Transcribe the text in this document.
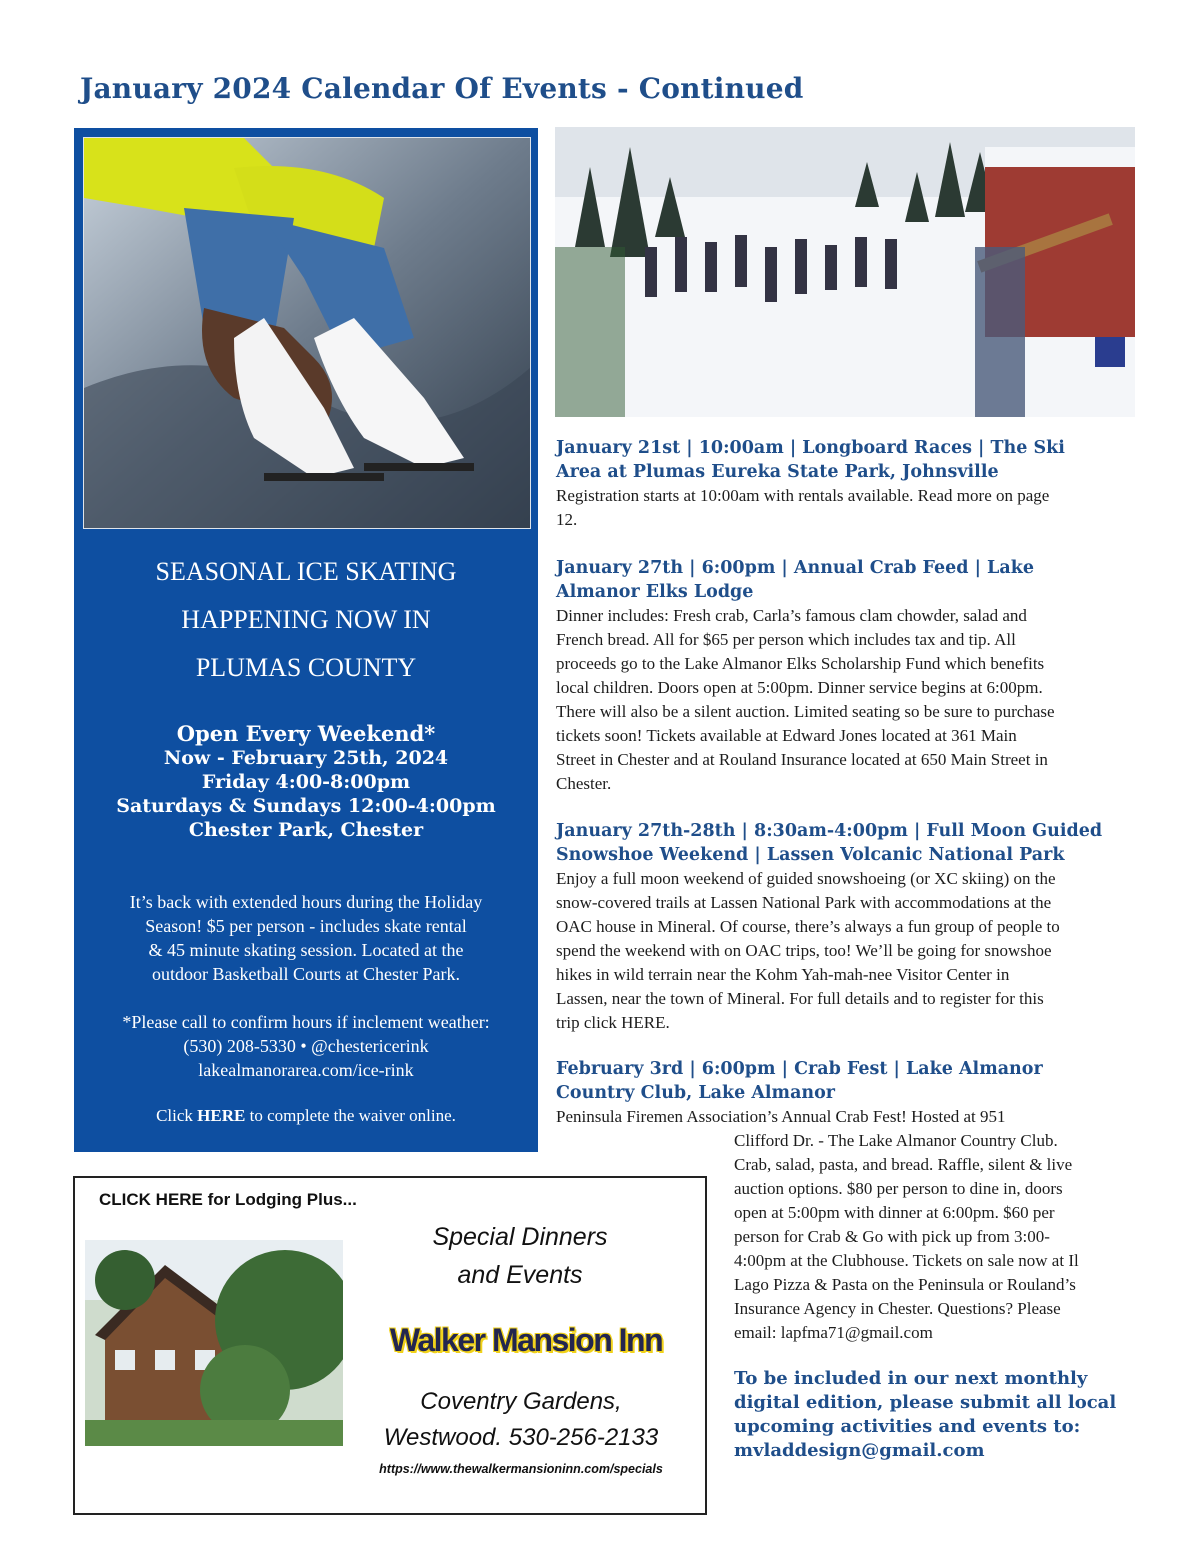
January 2024 Calendar Of Events - Continued
SEASONAL ICE SKATING
HAPPENING NOW IN
PLUMAS COUNTY
Open Every Weekend*
Now - February 25th, 2024
Friday 4:00-8:00pm
Saturdays & Sundays 12:00-4:00pm
Chester Park, Chester
It’s back with extended hours during the Holiday
Season! $5 per person - includes skate rental
& 45 minute skating session. Located at the
outdoor Basketball Courts at Chester Park.
*Please call to confirm hours if inclement weather:
(530) 208-5330 • @chestericerink
lakealmanorarea.com/ice-rink
Click HERE to complete the waiver online.
January 21st | 10:00am | Longboard Races | The Ski
Area at Plumas Eureka State Park, Johnsville
Registration starts at 10:00am with rentals available. Read more on page
12.
January 27th | 6:00pm | Annual Crab Feed | Lake
Almanor Elks Lodge
Dinner includes: Fresh crab, Carla’s famous clam chowder, salad and
French bread. All for $65 per person which includes tax and tip. All
proceeds go to the Lake Almanor Elks Scholarship Fund which benefits
local children. Doors open at 5:00pm. Dinner service begins at 6:00pm.
There will also be a silent auction. Limited seating so be sure to purchase
tickets soon! Tickets available at Edward Jones located at 361 Main
Street in Chester and at Rouland Insurance located at 650 Main Street in
Chester.
January 27th-28th | 8:30am-4:00pm | Full Moon Guided
Snowshoe Weekend | Lassen Volcanic National Park
Enjoy a full moon weekend of guided snowshoeing (or XC skiing) on the
snow-covered trails at Lassen National Park with accommodations at the
OAC house in Mineral. Of course, there’s always a fun group of people to
spend the weekend with on OAC trips, too! We’ll be going for snowshoe
hikes in wild terrain near the Kohm Yah-mah-nee Visitor Center in
Lassen, near the town of Mineral. For full details and to register for this
trip click HERE.
February 3rd | 6:00pm | Crab Fest | Lake Almanor
Country Club, Lake Almanor
Peninsula Firemen Association’s Annual Crab Fest! Hosted at 951
Clifford Dr. - The Lake Almanor Country Club.
Crab, salad, pasta, and bread. Raffle, silent & live
auction options. $80 per person to dine in, doors
open at 5:00pm with dinner at 6:00pm. $60 per
person for Crab & Go with pick up from 3:00-
4:00pm at the Clubhouse. Tickets on sale now at Il
Lago Pizza & Pasta on the Peninsula or Rouland’s
Insurance Agency in Chester. Questions? Please
email: lapfma71@gmail.com
CLICK HERE for Lodging Plus...
Special Dinners
and Events
Walker Mansion Inn
Coventry Gardens,
Westwood. 530-256-2133
https://www.thewalkermansioninn.com/specials
To be included in our next monthly
digital edition, please submit all local
upcoming activities and events to:
mvladdesign@gmail.com
